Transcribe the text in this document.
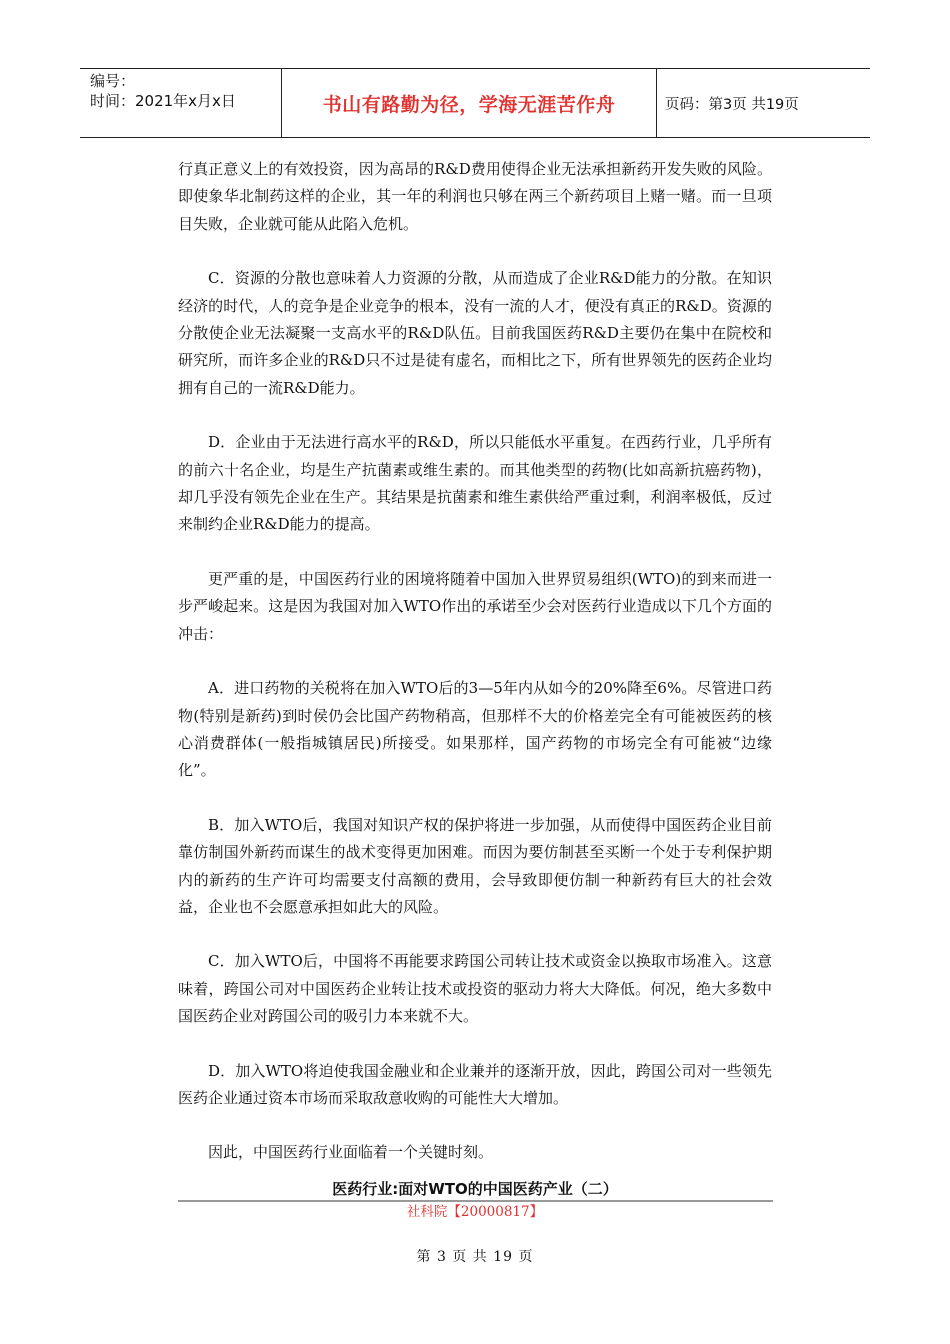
编号：
时间：2021年x月x日	书山有路勤为径，学海无涯苦作舟	页码：第3页 共19页

行真正意义上的有效投资，因为高昂的R&D费用使得企业无法承担新药开发失败的风险。即使象华北制药这样的企业，其一年的利润也只够在两三个新药项目上赌一赌。而一旦项目失败，企业就可能从此陷入危机。

C．资源的分散也意味着人力资源的分散，从而造成了企业R&D能力的分散。在知识经济的时代，人的竞争是企业竞争的根本，没有一流的人才，便没有真正的R&D。资源的分散使企业无法凝聚一支高水平的R&D队伍。目前我国医药R&D主要仍在集中在院校和研究所，而许多企业的R&D只不过是徒有虚名，而相比之下，所有世界领先的医药企业均拥有自己的一流R&D能力。

D．企业由于无法进行高水平的R&D，所以只能低水平重复。在西药行业，几乎所有的前六十名企业，均是生产抗菌素或维生素的。而其他类型的药物(比如高新抗癌药物)，却几乎没有领先企业在生产。其结果是抗菌素和维生素供给严重过剩，利润率极低，反过来制约企业R&D能力的提高。

更严重的是，中国医药行业的困境将随着中国加入世界贸易组织(WTO)的到来而进一步严峻起来。这是因为我国对加入WTO作出的承诺至少会对医药行业造成以下几个方面的冲击：

A．进口药物的关税将在加入WTO后的3—5年内从如今的20%降至6%。尽管进口药物(特别是新药)到时侯仍会比国产药物稍高，但那样不大的价格差完全有可能被医药的核心消费群体(一般指城镇居民)所接受。如果那样，国产药物的市场完全有可能被“边缘化”。

B．加入WTO后，我国对知识产权的保护将进一步加强，从而使得中国医药企业目前靠仿制国外新药而谋生的战术变得更加困难。而因为要仿制甚至买断一个处于专利保护期内的新药的生产许可均需要支付高额的费用，会导致即便仿制一种新药有巨大的社会效益，企业也不会愿意承担如此大的风险。

C．加入WTO后，中国将不再能要求跨国公司转让技术或资金以换取市场准入。这意味着，跨国公司对中国医药企业转让技术或投资的驱动力将大大降低。何况，绝大多数中国医药企业对跨国公司的吸引力本来就不大。

D．加入WTO将迫使我国金融业和企业兼并的逐渐开放，因此，跨国公司对一些领先医药企业通过资本市场而采取敌意收购的可能性大大增加。

因此，中国医药行业面临着一个关键时刻。

医药行业:面对WTO的中国医药产业（二）
社科院【20000817】
第 3 页 共 19 页
